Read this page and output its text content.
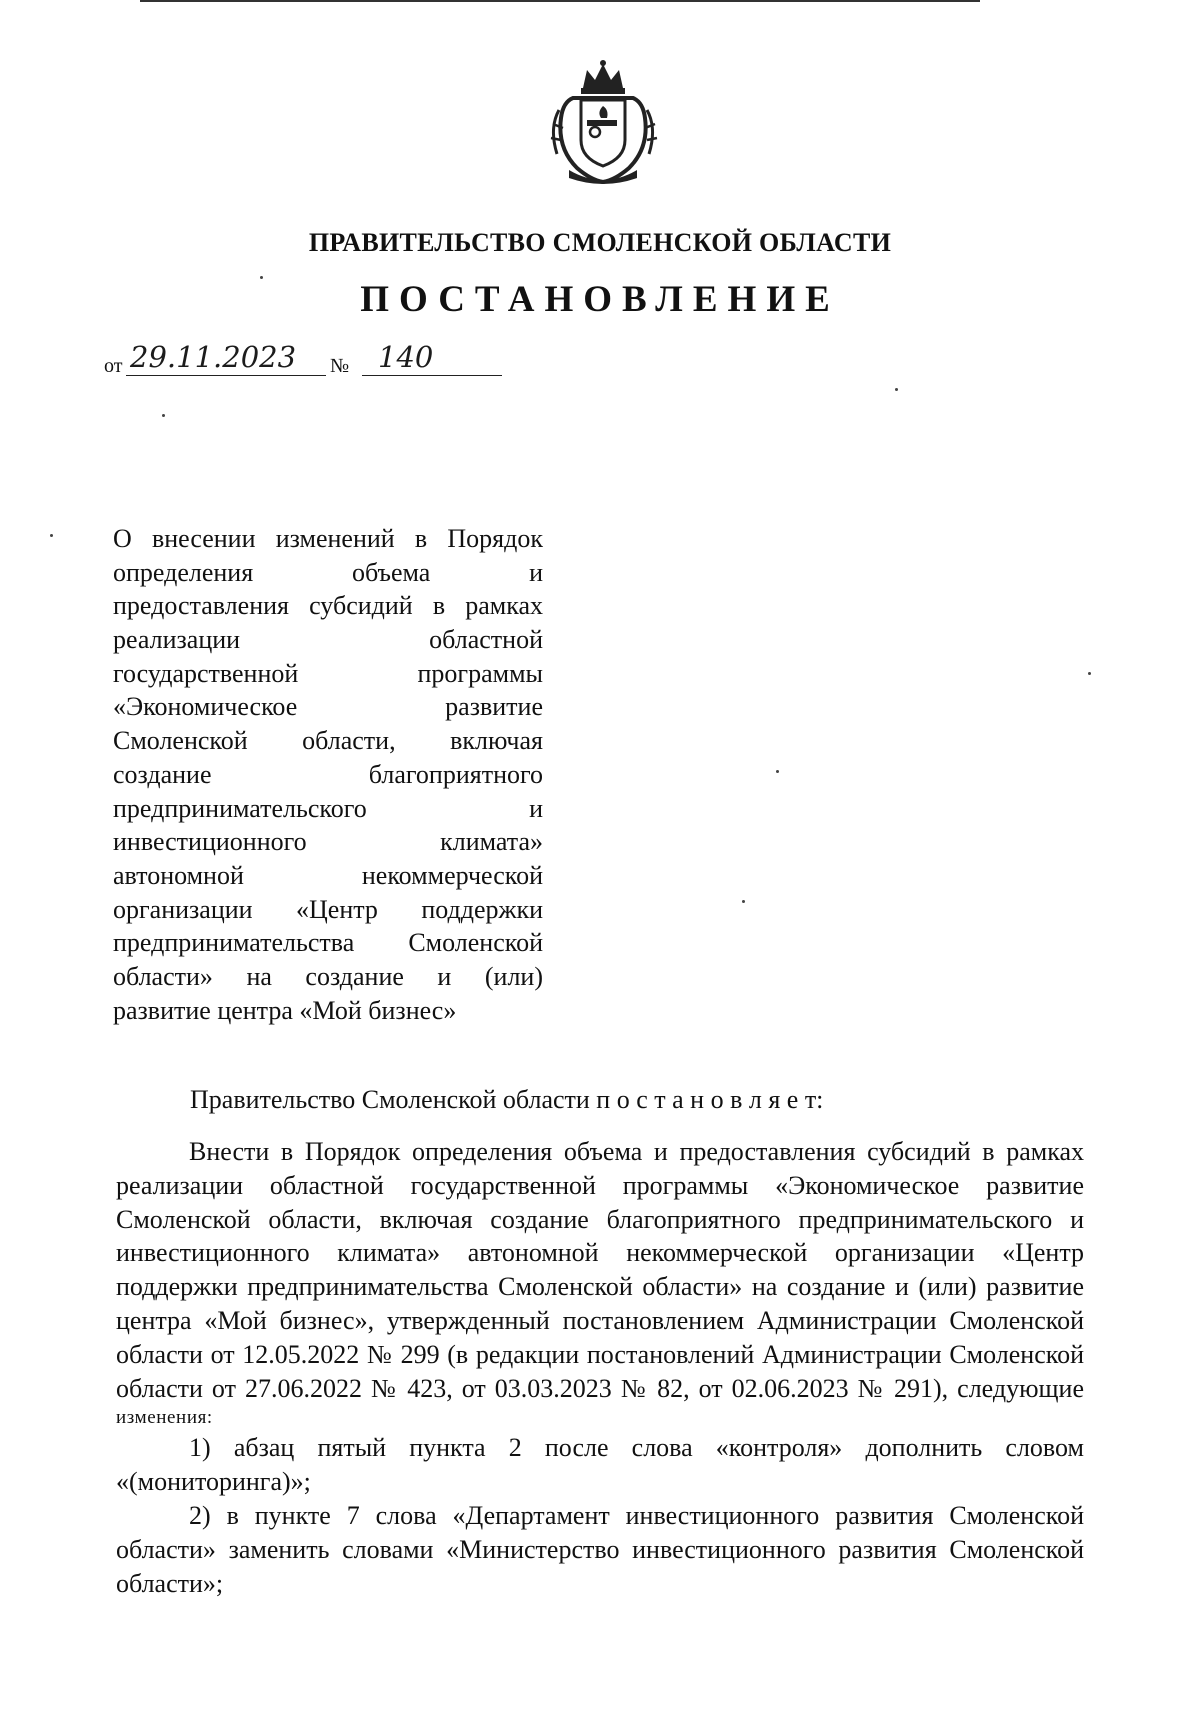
ПРАВИТЕЛЬСТВО СМОЛЕНСКОЙ ОБЛАСТИ
ПОСТАНОВЛЕНИЕ
от 29.11.2023 № 140
О внесении изменений в Порядок
определения объема и
предоставления субсидий в рамках
реализации областной
государственной программы
«Экономическое развитие
Смоленской области, включая
создание благоприятного
предпринимательского и
инвестиционного климата»
автономной некоммерческой
организации «Центр поддержки
предпринимательства Смоленской
области» на создание и (или)
развитие центра «Мой бизнес»
Правительство Смоленской области п о с т а н о в л я е т:
Внести в Порядок определения объема и предоставления субсидий в рамках
реализации областной государственной программы «Экономическое развитие
Смоленской области, включая создание благоприятного предпринимательского и
инвестиционного климата» автономной некоммерческой организации «Центр
поддержки предпринимательства Смоленской области» на создание и (или) развитие
центра «Мой бизнес», утвержденный постановлением Администрации Смоленской
области от 12.05.2022 № 299 (в редакции постановлений Администрации Смоленской
области от 27.06.2022 № 423, от 03.03.2023 № 82, от 02.06.2023 № 291), следующие
изменения:
1) абзац пятый пункта 2 после слова «контроля» дополнить словом
«(мониторинга)»;
2) в пункте 7 слова «Департамент инвестиционного развития Смоленской
области» заменить словами «Министерство инвестиционного развития Смоленской
области»;
